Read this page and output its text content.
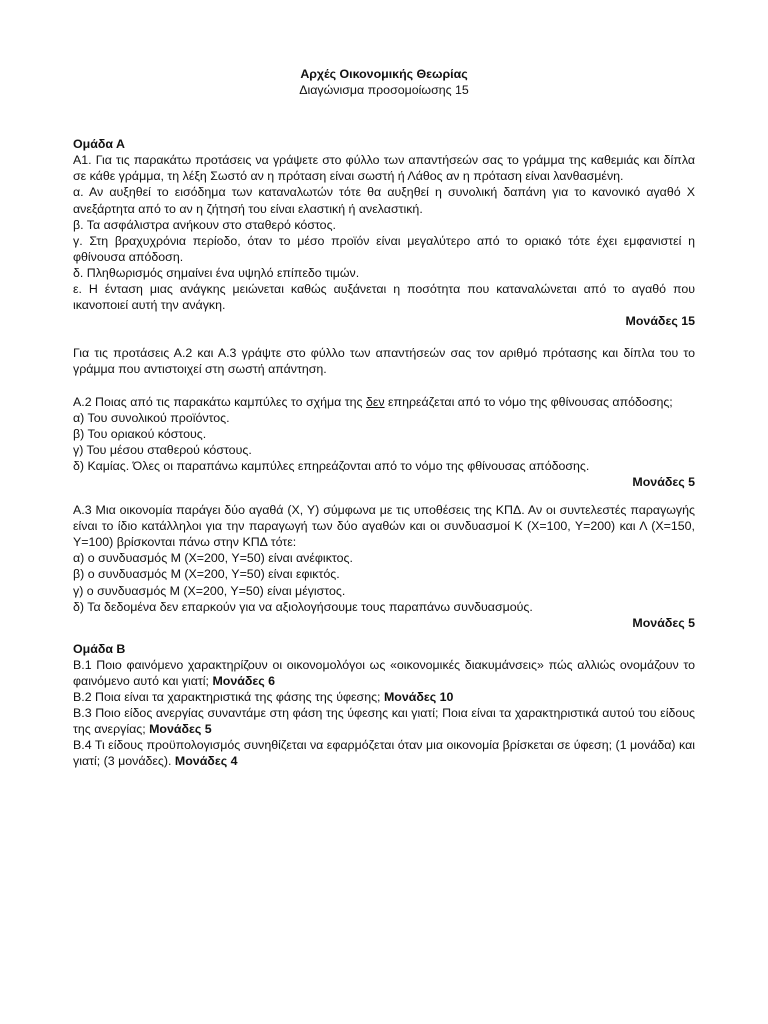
Αρχές Οικονομικής Θεωρίας
Διαγώνισμα προσομοίωσης 15
Ομάδα Α
Α1. Για τις παρακάτω προτάσεις να γράψετε στο φύλλο των απαντήσεών σας το γράμμα της καθεμιάς και δίπλα σε κάθε γράμμα, τη λέξη Σωστό αν η πρόταση είναι σωστή ή Λάθος αν η πρόταση είναι λανθασμένη.
α. Αν αυξηθεί το εισόδημα των καταναλωτών τότε θα αυξηθεί η συνολική δαπάνη για το κανονικό αγαθό Χ ανεξάρτητα από το αν η ζήτησή του είναι ελαστική ή ανελαστική.
β. Τα ασφάλιστρα ανήκουν στο σταθερό κόστος.
γ. Στη βραχυχρόνια περίοδο, όταν το μέσο προϊόν είναι μεγαλύτερο από το οριακό τότε έχει εμφανιστεί η φθίνουσα απόδοση.
δ. Πληθωρισμός σημαίνει ένα υψηλό επίπεδο τιμών.
ε. Η ένταση μιας ανάγκης μειώνεται καθώς αυξάνεται η ποσότητα που καταναλώνεται από το αγαθό που ικανοποιεί αυτή την ανάγκη.
Μονάδες 15
Για τις προτάσεις Α.2 και Α.3 γράψτε στο φύλλο των απαντήσεών σας τον αριθμό πρότασης και δίπλα του το γράμμα που αντιστοιχεί στη σωστή απάντηση.
Α.2 Ποιας από τις παρακάτω καμπύλες το σχήμα της δεν επηρεάζεται από το νόμο της φθίνουσας απόδοσης;
α) Του συνολικού προϊόντος.
β) Του οριακού κόστους.
γ) Του μέσου σταθερού κόστους.
δ) Καμίας. Όλες οι παραπάνω καμπύλες επηρεάζονται από το νόμο της φθίνουσας απόδοσης.
Μονάδες 5
Α.3 Μια οικονομία παράγει δύο αγαθά (Χ, Υ) σύμφωνα με τις υποθέσεις της ΚΠΔ. Αν οι συντελεστές παραγωγής είναι το ίδιο κατάλληλοι για την παραγωγή των δύο αγαθών και οι συνδυασμοί Κ (Χ=100, Υ=200) και Λ (Χ=150, Υ=100) βρίσκονται πάνω στην ΚΠΔ τότε:
α) ο συνδυασμός Μ (Χ=200, Υ=50) είναι ανέφικτος.
β) ο συνδυασμός Μ (Χ=200, Υ=50) είναι εφικτός.
γ) ο συνδυασμός Μ (Χ=200, Υ=50) είναι μέγιστος.
δ) Τα δεδομένα δεν επαρκούν για να αξιολογήσουμε τους παραπάνω συνδυασμούς.
Μονάδες 5
Ομάδα Β
Β.1 Ποιο φαινόμενο χαρακτηρίζουν οι οικονομολόγοι ως «οικονομικές διακυμάνσεις» πώς αλλιώς ονομάζουν το φαινόμενο αυτό και γιατί; Μονάδες 6
Β.2 Ποια είναι τα χαρακτηριστικά της φάσης της ύφεσης; Μονάδες 10
Β.3 Ποιο είδος ανεργίας συναντάμε στη φάση της ύφεσης και γιατί; Ποια είναι τα χαρακτηριστικά αυτού του είδους της ανεργίας; Μονάδες 5
Β.4 Τι είδους προϋπολογισμός συνηθίζεται να εφαρμόζεται όταν μια οικονομία βρίσκεται σε ύφεση; (1 μονάδα) και γιατί; (3 μονάδες). Μονάδες 4
